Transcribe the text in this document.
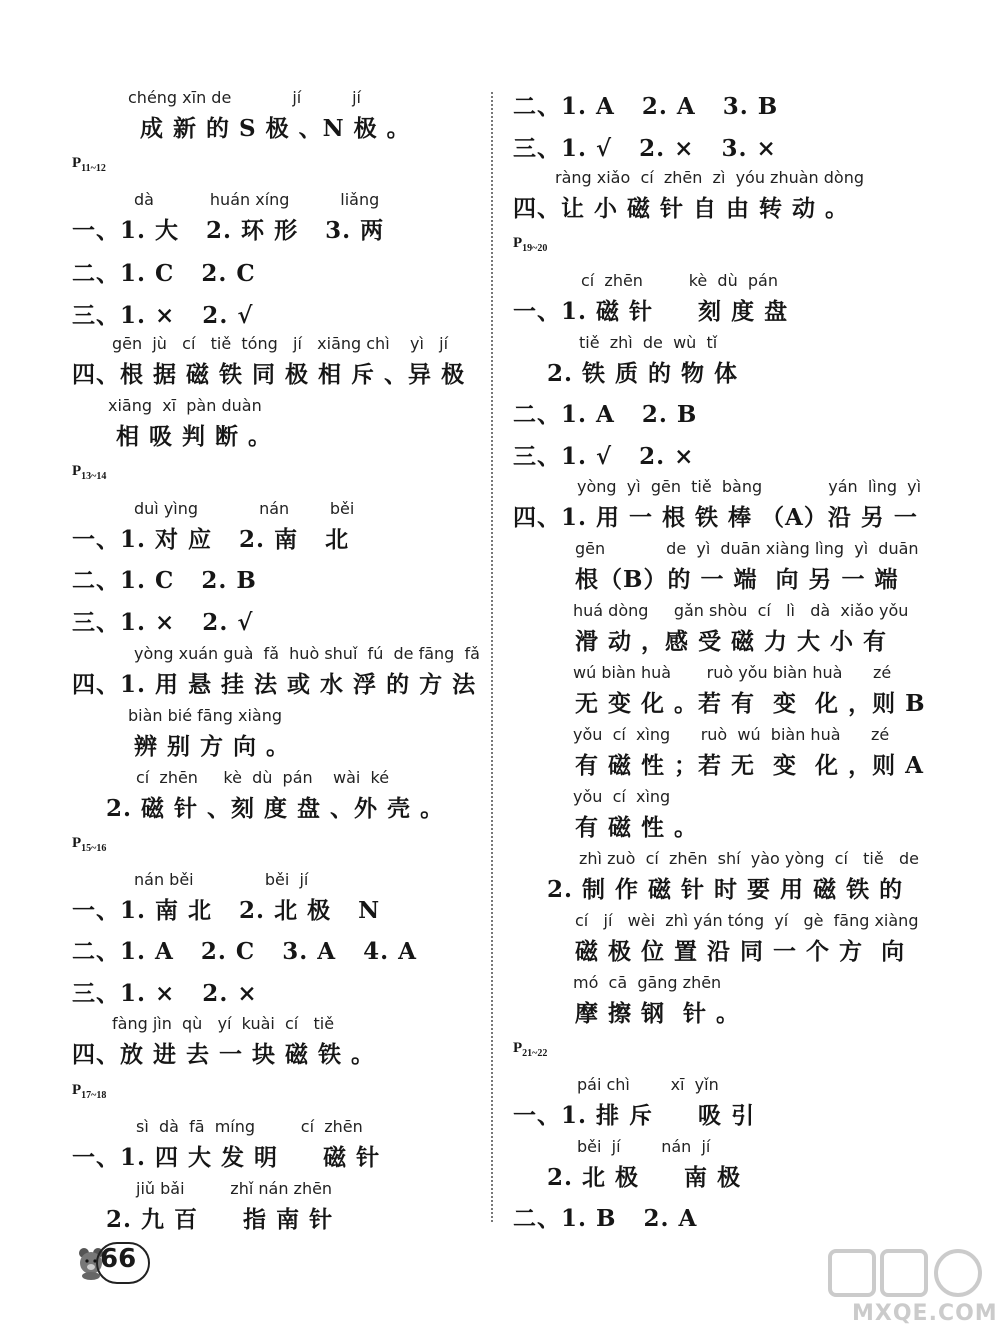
chéng xīn de            jí          jí
成 新 的 S 极 、N 极 。
$P_{11\sim 12}$
dà           huán xíng          liǎng
一、1. 大   2. 环 形   3. 两
二、1. C   2. C
三、1. ×   2. √
gēn  jù   cí   tiě  tóng   jí   xiāng chì    yì   jí
四、根 据 磁 铁 同 极 相 斥 、异 极
xiāng  xī  pàn duàn
相 吸 判 断 。
$P_{13\sim 14}$
duì yìng            nán        běi
一、1. 对 应   2. 南   北
二、1. C   2. B
三、1. ×   2. √
yòng xuán guà  fǎ  huò shuǐ  fú  de fāng  fǎ
四、1. 用 悬 挂 法 或 水 浮 的 方 法
biàn bié fāng xiàng
辨 别 方 向 。
cí  zhēn     kè  dù  pán    wài  ké
2. 磁 针 、刻 度 盘 、外 壳 。
$P_{15\sim 16}$
nán běi              běi  jí
一、1. 南 北   2. 北 极   N
二、1. A   2. C   3. A   4. A
三、1. ×   2. ×
fàng jìn  qù   yí  kuài  cí   tiě
四、放 进 去 一 块 磁 铁 。
$P_{17\sim 18}$
sì  dà  fā  míng         cí  zhēn
一、1. 四 大 发 明     磁 针
jiǔ bǎi         zhǐ nán zhēn
2. 九 百     指 南 针
二、1. A   2. A   3. B
三、1. √   2. ×   3. ×
ràng xiǎo  cí  zhēn  zì  yóu zhuàn dòng
四、让 小 磁 针 自 由 转 动 。
$P_{19\sim 20}$
cí  zhēn         kè  dù  pán
一、1. 磁 针     刻 度 盘
tiě  zhì  de  wù  tǐ
2. 铁 质 的 物 体
二、1. A   2. B
三、1. √   2. ×
yòng  yì  gēn  tiě  bàng             yán  lìng  yì
四、1. 用 一 根 铁 棒 （A）沿 另 一
gēn            de  yì  duān xiàng lìng  yì  duān
根（B）的 一 端  向 另 一 端
huá dòng     gǎn shòu  cí   lì   dà  xiǎo yǒu
滑 动 ，感 受 磁 力 大 小 有
wú biàn huà       ruò yǒu biàn huà      zé
无 变 化 。若 有  变  化 ，则 B
yǒu  cí  xìng      ruò  wú  biàn huà      zé
有 磁 性 ；若 无  变  化 ，则 A
yǒu  cí  xìng
有 磁 性 。
zhì zuò  cí  zhēn  shí  yào yòng  cí   tiě   de
2. 制 作 磁 针 时 要 用 磁 铁 的
cí   jí   wèi  zhì yán tóng  yí   gè  fāng xiàng
磁 极 位 置 沿 同 一 个 方  向
mó  cā  gāng zhēn
摩 擦 钢  针 。
$P_{21\sim 22}$
pái chì        xī  yǐn
一、1. 排 斥     吸 引
běi  jí        nán  jí
2. 北 极     南 极
二、1. B   2. A
66
MXQE.COM
